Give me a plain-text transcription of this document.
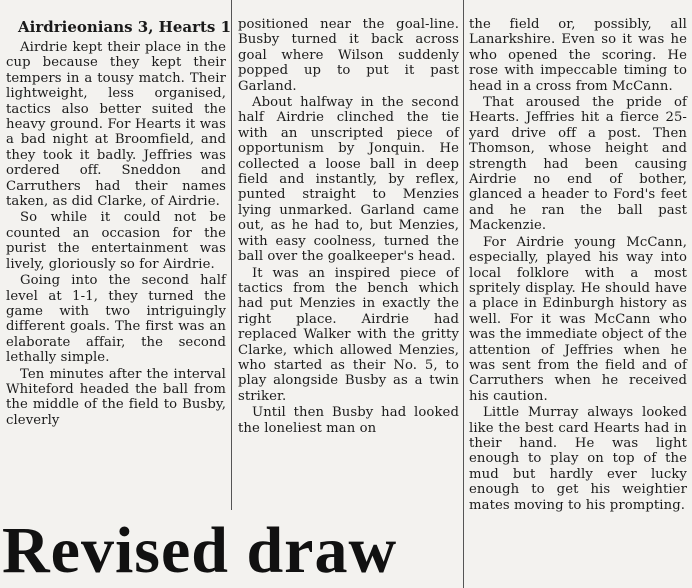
Airdrieonians 3, Hearts 1

Airdrie kept their place in the cup because they kept their tempers in a tousy match. Their lightweight, less organised, tactics also better suited the heavy ground. For Hearts it was a bad night at Broomfield, and they took it badly. Jeffries was ordered off. Sneddon and Carruthers had their names taken, as did Clarke, of Airdrie.

So while it could not be counted an occasion for the purist the entertainment was lively, gloriously so for Airdrie.

Going into the second half level at 1-1, they turned the game with two intriguingly different goals. The first was an elaborate affair, the second lethally simple.

Ten minutes after the interval Whiteford headed the ball from the middle of the field to Busby, cleverly

positioned near the goal-line. Busby turned it back across goal where Wilson suddenly popped up to put it past Garland.

About halfway in the second half Airdrie clinched the tie with an unscripted piece of opportunism by Jonquin. He collected a loose ball in deep field and instantly, by reflex, punted straight to Menzies lying unmarked. Garland came out, as he had to, but Menzies, with easy coolness, turned the ball over the goalkeeper's head.

It was an inspired piece of tactics from the bench which had put Menzies in exactly the right place. Airdrie had replaced Walker with the gritty Clarke, which allowed Menzies, who started as their No. 5, to play alongside Busby as a twin striker.

Until then Busby had looked the loneliest man on

the field or, possibly, all Lanarkshire. Even so it was he who opened the scoring. He rose with impeccable timing to head in a cross from McCann.

That aroused the pride of Hearts. Jeffries hit a fierce 25-yard drive off a post. Then Thomson, whose height and strength had been causing Airdrie no end of bother, glanced a header to Ford's feet and he ran the ball past Mackenzie.

For Airdrie young McCann, especially, played his way into local folklore with a most spritely display. He should have a place in Edinburgh history as well. For it was McCann who was the immediate object of the attention of Jeffries when he was sent from the field and of Carruthers when he received his caution.

Little Murray always looked like the best card Hearts had in their hand. He was light enough to play on top of the mud but hardly ever lucky enough to get his weightier mates moving to his prompting.

Revised draw
